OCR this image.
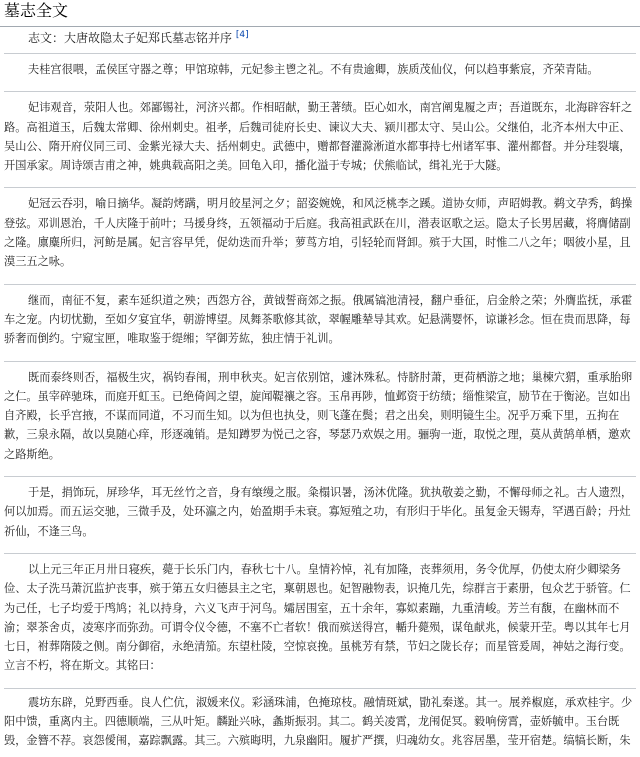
墓志全文
志文：大唐故隐太子妃郑氏墓志铭并序 [4]

夫桂宫很喂，孟侯匡守器之尊；甲馆琼韩，元妃参主鬯之礼。不有贵逾卿，族质茂仙仪，何以趋事紫宸，齐荣青陆。

妃讳观音，荥阳人也。郊鄙锡社，河济兴都。作相昭献，勤王著绩。臣心如水，南宫阐鬼履之声；吾道既东，北海辟容轩之路。高祖道玉，后魏太常卿、徐州刺史。祖孝，后魏司徒府长史、谏议大夫、颍川郡太守、吴山公。父继伯，北齐本州大中正、吴山公、隋开府仪同三司、金紫光禄大夫、括州刺史。武德中，赠都督灌滁淅道水都事持七州诸军事、灌州都督。并分珪裂壤，开国承家。周诗颂吉甫之神，姚典载高阳之美。回龟入印，播化溢于专城；伏熊临试，缉礼光于大隧。

妃冠云吞羽，喻日摘华。凝韵烤蹒，明月皎星河之夕；韶姿婉娩，和风泛桃李之蹊。道协女师，声昭姆教。鹈文孕秀，鹤操登弦。邓训恩治，千人庆隆于前叶；马援身终，五领福动于后庭。我高祖武跃在川，潜表讴歌之运。隐太子长男居藏，将膺储副之隆。廪麋所归，河鲂是属。妃言容早凭，促幼迭而升举；萝茑方垍，引轻轮而肾卸。殡于大国，时惟二八之年；咽彼小星，且漠三五之咏。

继而，南征不复，素车延织道之殃；西怨方谷，黄钺誓商郊之振。俄属镐池清祲，翻户垂征，启金舲之荣；外膺监抚，承霍车之宠。内切忧勤，至如夕宴宜华，朝游博望。凤舞茶歌修其欲，翠幄雕辇导其欢。妃悬满婴怀，谅谦衫念。恒在贵而思降，每骄奢而倒约。宁窥宝匣，唯取鉴于缇缃；罕御芳紘，独庄情于礼训。

既而泰终则否，福极生灾，祸钧春闱，刑申秋夹。妃言依别馆，遽沐殊私。恃脐肘萧，更荷栖游之地；巢楝穴猬，重承胎卵之仁。虽宰碎驰珠，而庭开虹玉。已绝倚闾之望，旋闻鞮禳之容。玉帛再陟，恤邺资于纺绩；缁惟梁宣，励节在于衡泌。岂如出自齐殿，长乎宫掖，不谋而同道，不习而生知。以为但也执殳，则飞蓬在鬓；君之出矣，则明镜生尘。况乎万乘下里，五拘在歉，三泉永隔，故以臭随心痒，形逐魂销。是知蹲罗为悦己之容，琴瑟乃欢娱之用。骊驹一逝，取悦之理，莫从黄鹄单栖，邀欢之路斯绝。

于是，捐饰玩，屏珍华，耳无丝竹之音，身有缞缦之服。粂榻识暑，汤沐优隆。犹执敬姜之勤，不懈母师之礼。古人遗烈，何以加焉。而五运交驰，三微手及，处环瀛之内，始盈期手未衰。寡短殖之功，有形归于毕化。虽复金天锡寿，罕遇百龄；丹灶祈仙，不逢三鸟。

以上元三年正月卅日寝疾，薨于长乐门内，春秋七十八。皇情衿悼，礼有加隆，丧葬须用，务令优厚，仍使太府少卿梁务俭、太子洗马萧沉监护丧事，殡于第五女归德县主之宅，稟朝恩也。妃智融物表，识掩几先，综群言于素册，包众艺于骄管。仁为己任，七子均爱于鸤鸠；礼以持身，六义飞声于河鸟。孀居围室，五十余年，寡姒素蹦，九重清峻。芳兰有馥，在幽林而不渝；翠茶舍贞，凌寒序而弥劲。可谓令仪令德，不塞不亡者软！俄而殡送得宫，輴升薨殒，谋龟献兆，候蒙开茔。粤以其年七月七日，祔葬隋陵之侧。南分御宿，永绝清笳。东望杜陵，空惊哀挽。虽桃芳有禁，节妇之陇长存；而星管爰周，神姑之海行变。立言不朽，将在斯文。其铭曰：

震坊东辟，兑野西垂。良人伫伉，淑媛来仪。彩涵珠浦，色掩琼枝。融情斑斌，勖礼秦遂。其一。展养椒庭，承欢桂宇。少阳中馈，重离内主。四德顺端，三从叶矩。麟趾兴咏，螽斯振羽。其二。鹤关凌霄，龙闱促冥。毅响傍霄，壶娇毓申。玉台既毁，金簪不荐。哀怨僾闱，嘉踪飘露。其三。六殡晦明，九泉幽阳。履扩严撰，归魂幼女。兆容居墨，莹开宿楚。缟犒长断，朱
